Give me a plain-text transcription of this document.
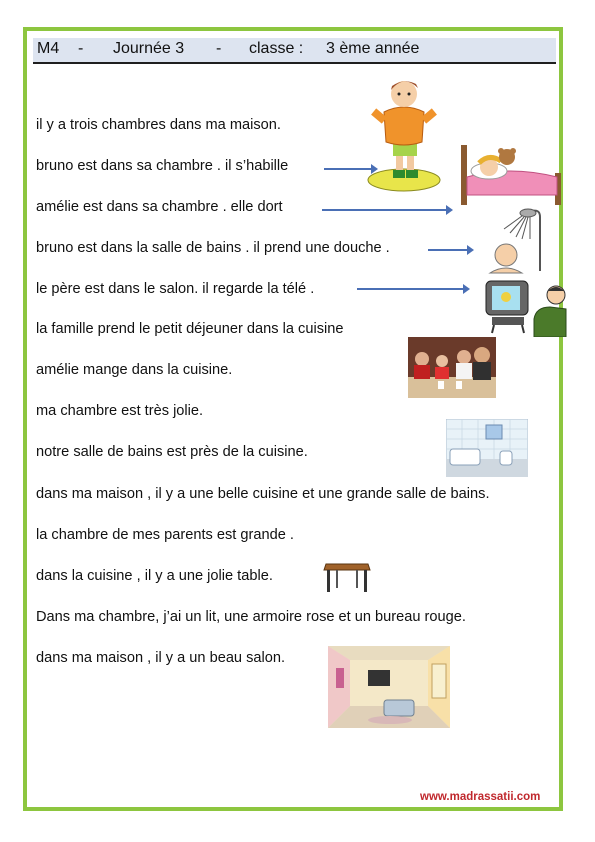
M4 - Journée 3 - classe : 3 ème année
il y a trois chambres dans ma maison.
bruno est dans sa chambre . il s’habille
amélie est dans sa chambre . elle dort
bruno est dans la salle de bains . il prend une douche .
le père est dans le salon. il regarde la télé .
la famille prend le petit déjeuner dans la cuisine
amélie mange dans la cuisine.
ma chambre est très jolie.
notre salle de bains est près de la cuisine.
dans ma maison , il y a une belle cuisine et une grande salle de bains.
la chambre de mes parents est grande .
dans la cuisine , il y a une jolie table.
Dans ma chambre, j’ai un lit, une armoire rose et un bureau rouge.
dans ma maison , il y a un beau salon.
www.madrassatii.com
